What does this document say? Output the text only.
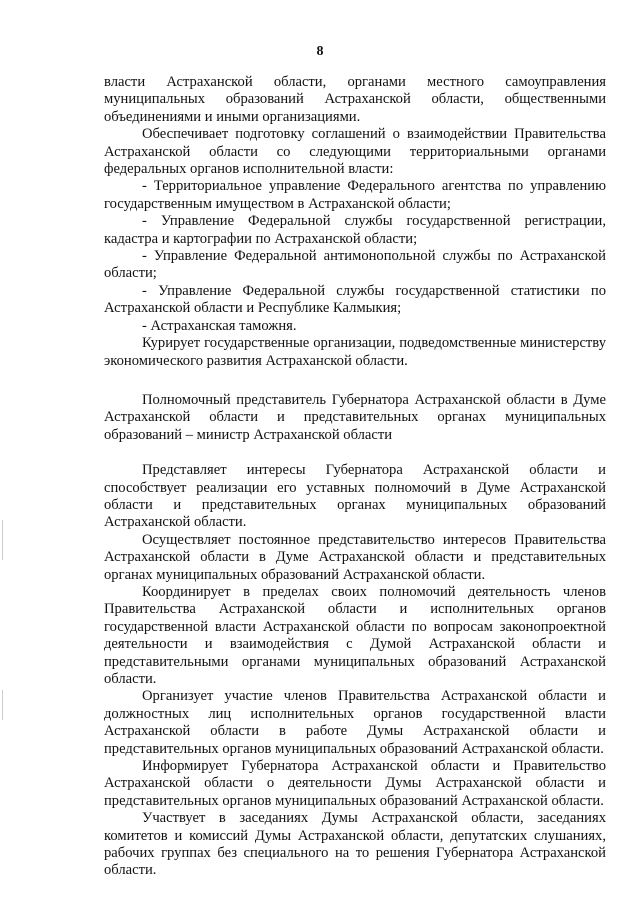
8

власти Астраханской области, органами местного самоуправления муниципальных образований Астраханской области, общественными объединениями и иными организациями.

Обеспечивает подготовку соглашений о взаимодействии Правительства Астраханской области со следующими территориальными органами федеральных органов исполнительной власти:

- Территориальное управление Федерального агентства по управлению государственным имуществом в Астраханской области;

- Управление Федеральной службы государственной регистрации, кадастра и картографии по Астраханской области;

- Управление Федеральной антимонопольной службы по Астраханской области;

- Управление Федеральной службы государственной статистики по Астраханской области и Республике Калмыкия;

- Астраханская таможня.

Курирует государственные организации, подведомственные министерству экономического развития Астраханской области.

Полномочный представитель Губернатора Астраханской области в Думе Астраханской области и представительных органах муниципальных образований – министр Астраханской области

Представляет интересы Губернатора Астраханской области и способствует реализации его уставных полномочий в Думе Астраханской области и представительных органах муниципальных образований Астраханской области.

Осуществляет постоянное представительство интересов Правительства Астраханской области в Думе Астраханской области и представительных органах муниципальных образований Астраханской области.

Координирует в пределах своих полномочий деятельность членов Правительства Астраханской области и исполнительных органов государственной власти Астраханской области по вопросам законопроектной деятельности и взаимодействия с Думой Астраханской области и представительными органами муниципальных образований Астраханской области.

Организует участие членов Правительства Астраханской области и должностных лиц исполнительных органов государственной власти Астраханской области в работе Думы Астраханской области и представительных органов муниципальных образований Астраханской области.

Информирует Губернатора Астраханской области и Правительство Астраханской области о деятельности Думы Астраханской области и представительных органов муниципальных образований Астраханской области.

Участвует в заседаниях Думы Астраханской области, заседаниях комитетов и комиссий Думы Астраханской области, депутатских слушаниях, рабочих группах без специального на то решения Губернатора Астраханской области.
